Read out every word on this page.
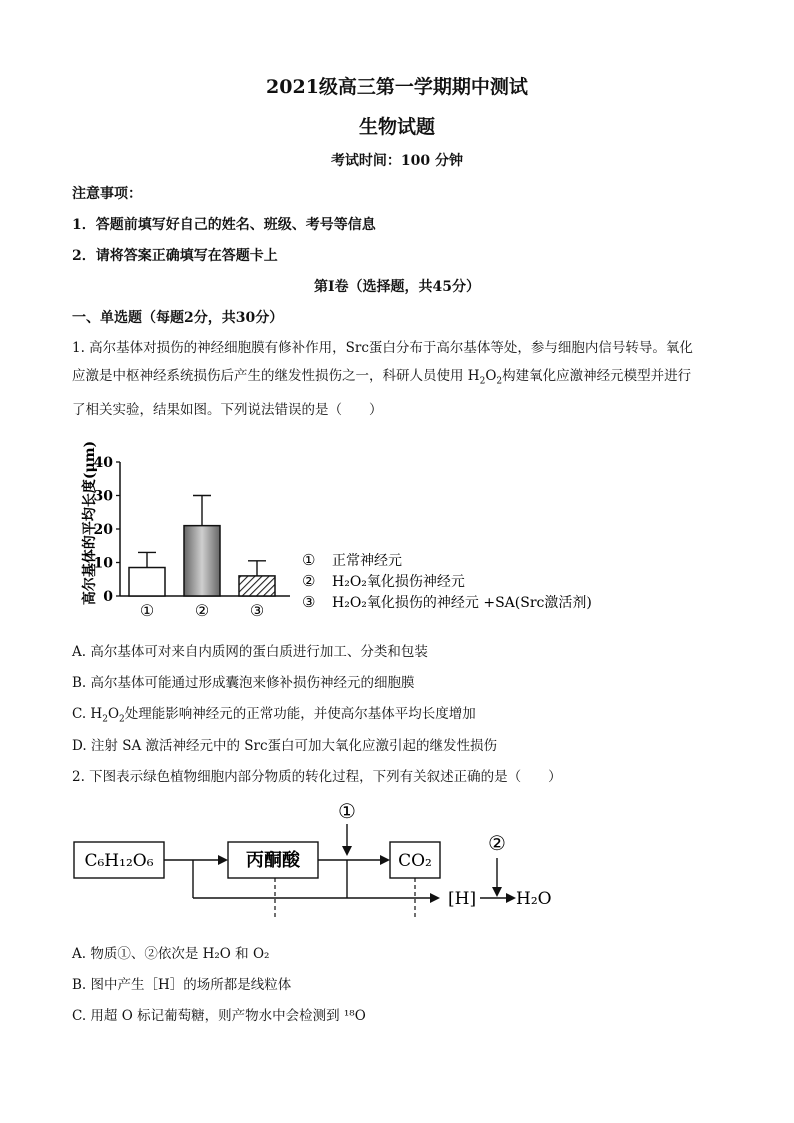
2021级高三第一学期期中测试
生物试题
考试时间：100 分钟
注意事项：
1．答题前填写好自己的姓名、班级、考号等信息
2．请将答案正确填写在答题卡上
第Ⅰ卷（选择题，共45分）
一、单选题（每题2分，共30分）
1. 高尔基体对损伤的神经细胞膜有修补作用，Src蛋白分布于高尔基体等处，参与细胞内信号转导。氧化
应激是中枢神经系统损伤后产生的继发性损伤之一，科研人员使用 $H_2O_2$构建氧化应激神经元模型并进行
了相关实验，结果如图。下列说法错误的是（　　）
高尔基体的平均长度(μm) 0
10
20
30
40
①	②	③
① 正常神经元
② H₂O₂氧化损伤神经元
③ H₂O₂氧化损伤的神经元 +SA(Src激活剂)
A. 高尔基体可对来自内质网的蛋白质进行加工、分类和包装
B. 高尔基体可能通过形成囊泡来修补损伤神经元的细胞膜
C. $H_2O_2$处理能影响神经元的正常功能，并使高尔基体平均长度增加
D. 注射 SA 激活神经元中的 Src蛋白可加大氧化应激引起的继发性损伤
2. 下图表示绿色植物细胞内部分物质的转化过程，下列有关叙述正确的是（　　）
C₆H₁₂O₆	丙酮酸	CO₂
①
[H] H₂O
②
A. 物质①、②依次是 H₂O 和 O₂
B. 图中产生［H］的场所都是线粒体
C. 用超 O 标记葡萄糖，则产物水中会检测到 ¹⁸O
